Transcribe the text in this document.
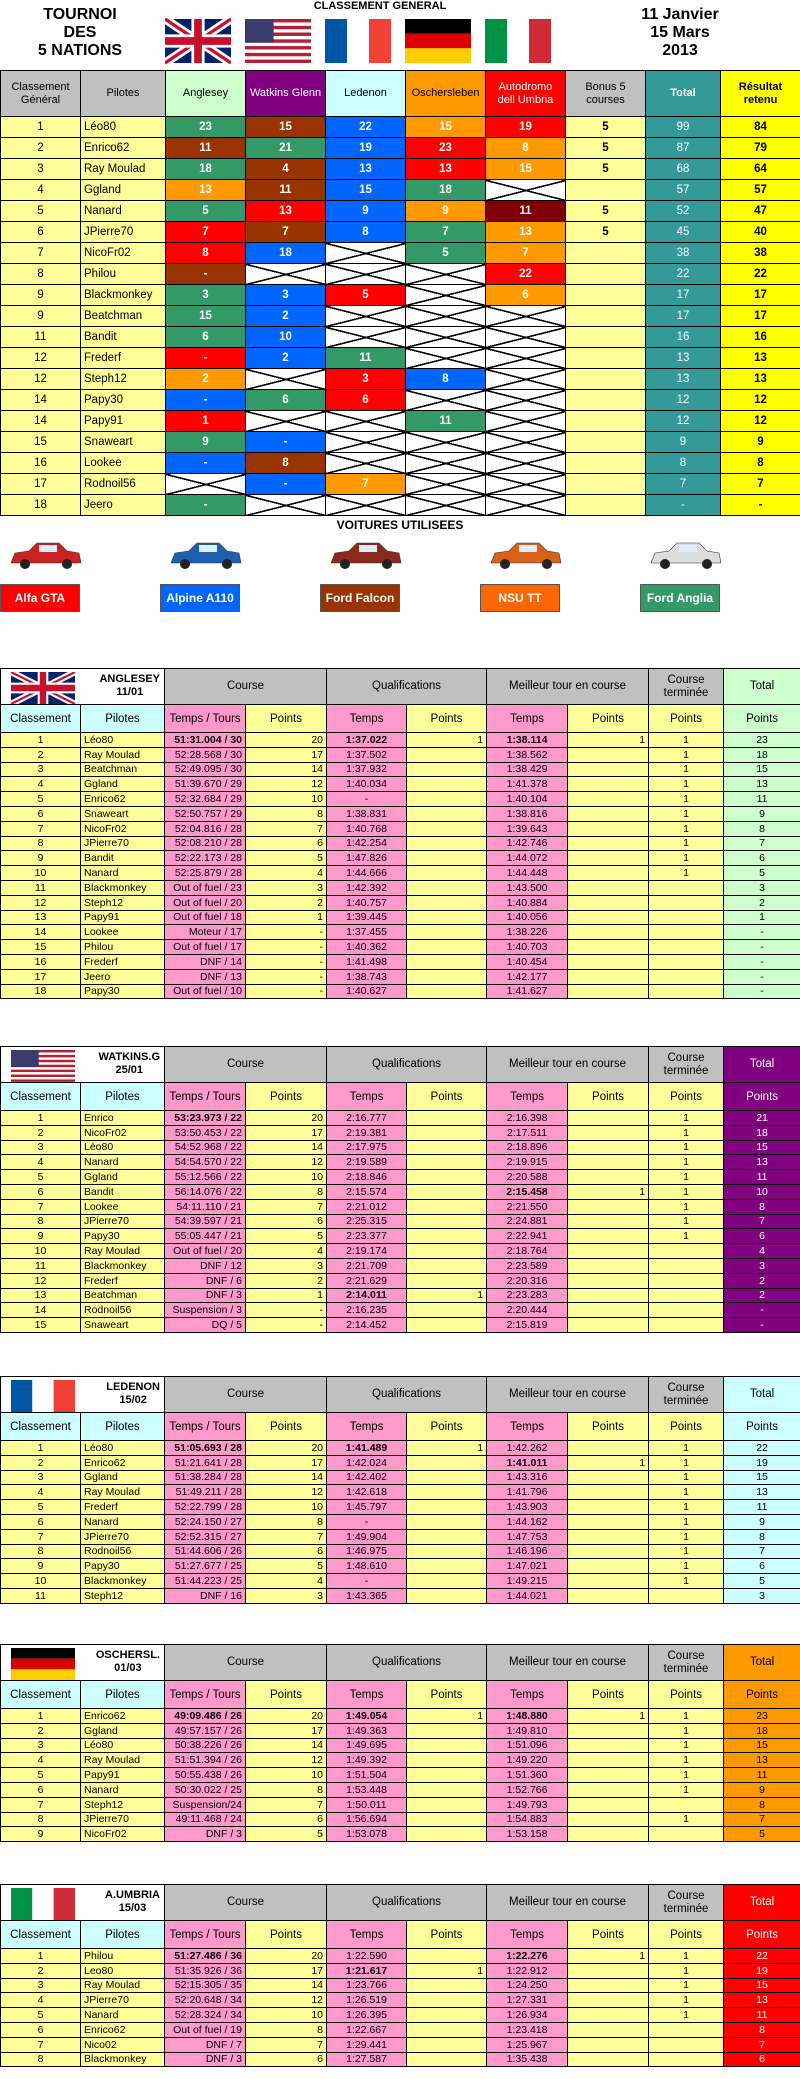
TOURNOI
DES
5 NATIONS
CLASSEMENT GENERAL	11 Janvier
15 Mars
2013
Classement Général	Pilotes	Anglesey	Watkins Glenn	Ledenon	Oschersleben	Autodromo dell Umbria	Bonus 5 courses	Total	Résultat retenu
1	Léo80	23	15	22	15	19	5	99	84
2	Enrico62	11	21	19	23	8	5	87	79
3	Ray Moulad	18	4	13	13	15	5	68	64
4	Ggland	13	11	15	18			57	57
5	Nanard	5	13	9	9	11	5	52	47
6	JPierre70	7	7	8	7	13	5	45	40
7	NicoFr02	8	18		5	7		38	38
8	Philou	-				22		22	22
9	Blackmonkey	3	3	5		6		17	17
9	Beatchman	15	2					17	17
11	Bandit	6	10					16	16
12	Frederf	-	2	11				13	13
12	Steph12	2		3	8			13	13
14	Papy30	-	6	6				12	12
14	Papy91	1			11			12	12
15	Snaweart	9	-					9	9
16	Lookee	-	8					8	8
17	Rodnoil56		-	7				7	7
18	Jeero	-						-	-
VOITURES UTILISEES
Alfa GTA	Alpine A110	Ford Falcon	NSU TT	Ford Anglia
ANGLESEY
11/01		Course		Qualifications		Meilleur tour en course		Course terminée	Total
Classement	Pilotes	Temps / Tours	Points	Temps	Points	Temps	Points	Points	Points
1	Léo80	51:31.004 / 30	20	1:37.022	1	1:38.114	1	1	23
2	Ray Moulad	52:28.568 / 30	17	1:37.502		1:38.562		1	18
3	Beatchman	52:49.095 / 30	14	1:37.932		1:38.429		1	15
4	Ggland	51:39.670 / 29	12	1:40.034		1:41.378		1	13
5	Enrico62	52:32.684 / 29	10	-		1:40.104		1	11
6	Snaweart	52:50.757 / 29	8	1:38.831		1:38.816		1	9
7	NicoFr02	52:04.816 / 28	7	1:40.768		1:39.643		1	8
8	JPierre70	52:08.210 / 28	6	1:42.254		1:42.746		1	7
9	Bandit	52:22.173 / 28	5	1:47.826		1:44.072		1	6
10	Nanard	52:25.879 / 28	4	1:44.666		1:44.448		1	5
11	Blackmonkey	Out of fuel / 23	3	1:42.392		1:43.500			3
12	Steph12	Out of fuel / 20	2	1:40.757		1:40.884			2
13	Papy91	Out of fuel / 18	1	1:39.445		1:40.056			1
14	Lookee	Moteur / 17	-	1:37.455		1:38.226			-
15	Philou	Out of fuel / 17	-	1:40.362		1:40.703			-
16	Frederf	DNF / 14	-	1:41.498		1:40.454			-
17	Jeero	DNF / 13	-	1:38.743		1:42.177			-
18	Papy30	Out of fuel / 10	-	1:40.627		1:41.627			-
WATKINS.G
25/01		Course		Qualifications		Meilleur tour en course		Course terminée	Total
Classement	Pilotes	Temps / Tours	Points	Temps	Points	Temps	Points	Points	Points
1	Enrico	53:23.973 / 22	20	2:16.777		2:16.398		1	21
2	NicoFr02	53:50.453 / 22	17	2:19.381		2:17.511		1	18
3	Léo80	54:52.968 / 22	14	2:17.975		2:18.896		1	15
4	Nanard	54:54.570 / 22	12	2:19.589		2:19.915		1	13
5	Ggland	55:12.566 / 22	10	2:18.846		2:20.588		1	11
6	Bandit	56:14.076 / 22	8	2:15.574		2:15.458	1	1	10
7	Lookee	54:11.110 / 21	7	2:21.012		2:21.550		1	8
8	JPierre70	54:39.597 / 21	6	2:25.315		2:24.881		1	7
9	Papy30	55:05.447 / 21	5	2:23.377		2:22.941		1	6
10	Ray Moulad	Out of fuel / 20	4	2:19.174		2:18.764			4
11	Blackmonkey	DNF / 12	3	2:21.709		2:23.589			3
12	Frederf	DNF / 6	2	2:21.629		2:20.316			2
13	Beatchman	DNF / 3	1	2:14.011	1	2:23.283			2
14	Rodnoil56	Suspension / 3	-	2:16.235		2:20.444			-
15	Snaweart	DQ / 5	-	2:14.452		2:15.819			-
LEDENON
15/02		Course		Qualifications		Meilleur tour en course		Course terminée	Total
Classement	Pilotes	Temps / Tours	Points	Temps	Points	Temps	Points	Points	Points
1	Léo80	51:05.693 / 28	20	1:41.489	1	1:42.262		1	22
2	Enrico62	51:21.641 / 28	17	1:42.024		1:41.011	1	1	19
3	Ggland	51:38.284 / 28	14	1:42.402		1:43.316		1	15
4	Ray Moulad	51:49.211 / 28	12	1:42.618		1:41.796		1	13
5	Frederf	52:22.799 / 28	10	1:45.797		1:43.903		1	11
6	Nanard	52:24.150 / 27	8	-		1:44.162		1	9
7	JPierre70	52:52.315 / 27	7	1:49.904		1:47.753		1	8
8	Rodnoil56	51:44.606 / 26	6	1:46.975		1:46.196		1	7
9	Papy30	51:27.677 / 25	5	1:48.610		1:47.021		1	6
10	Blackmonkey	51:44.223 / 25	4	-		1:49.215		1	5
11	Steph12	DNF / 16	3	1:43.365		1:44.021			3
OSCHERSL.
01/03		Course		Qualifications		Meilleur tour en course		Course terminée	Total
Classement	Pilotes	Temps / Tours	Points	Temps	Points	Temps	Points	Points	Points
1	Enrico62	49:09.486 / 26	20	1:49.054	1	1:48.880	1	1	23
2	Ggland	49:57.157 / 26	17	1:49.363		1:49.810		1	18
3	Léo80	50:38.226 / 26	14	1:49.695		1:51.096		1	15
4	Ray Moulad	51:51.394 / 26	12	1:49.392		1:49.220		1	13
5	Papy91	50:55.438 / 26	10	1:51.504		1:51.360		1	11
6	Nanard	50:30.022 / 25	8	1:53.448		1:52.766		1	9
7	Steph12	Suspension/24	7	1:50.011		1:49.793			8
8	JPierre70	49:11.468 / 24	6	1:56.694		1:54.883		1	7
9	NicoFr02	DNF / 3	5	1:53.078		1:53.158			5
A.UMBRIA
15/03		Course		Qualifications		Meilleur tour en course		Course terminée	Total
Classement	Pilotes	Temps / Tours	Points	Temps	Points	Temps	Points	Points	Points
1	Philou	51:27.486 / 36	20	1:22.590		1:22.276	1	1	22
2	Leo80	51:35.926 / 36	17	1:21.617	1	1:22.912		1	19
3	Ray Moulad	52:15.305 / 35	14	1:23.766		1:24.250		1	15
4	JPierre70	52:20.648 / 34	12	1:26.519		1:27.331		1	13
5	Nanard	52:28.324 / 34	10	1:26.395		1:26.934		1	11
6	Enrico62	Out of fuel / 19	8	1:22.667		1:23.418			8
7	Nico02	DNF / 7	7	1:29.441		1:25.967			7
8	Blackmonkey	DNF / 3	6	1:27.587		1:35.438			6
